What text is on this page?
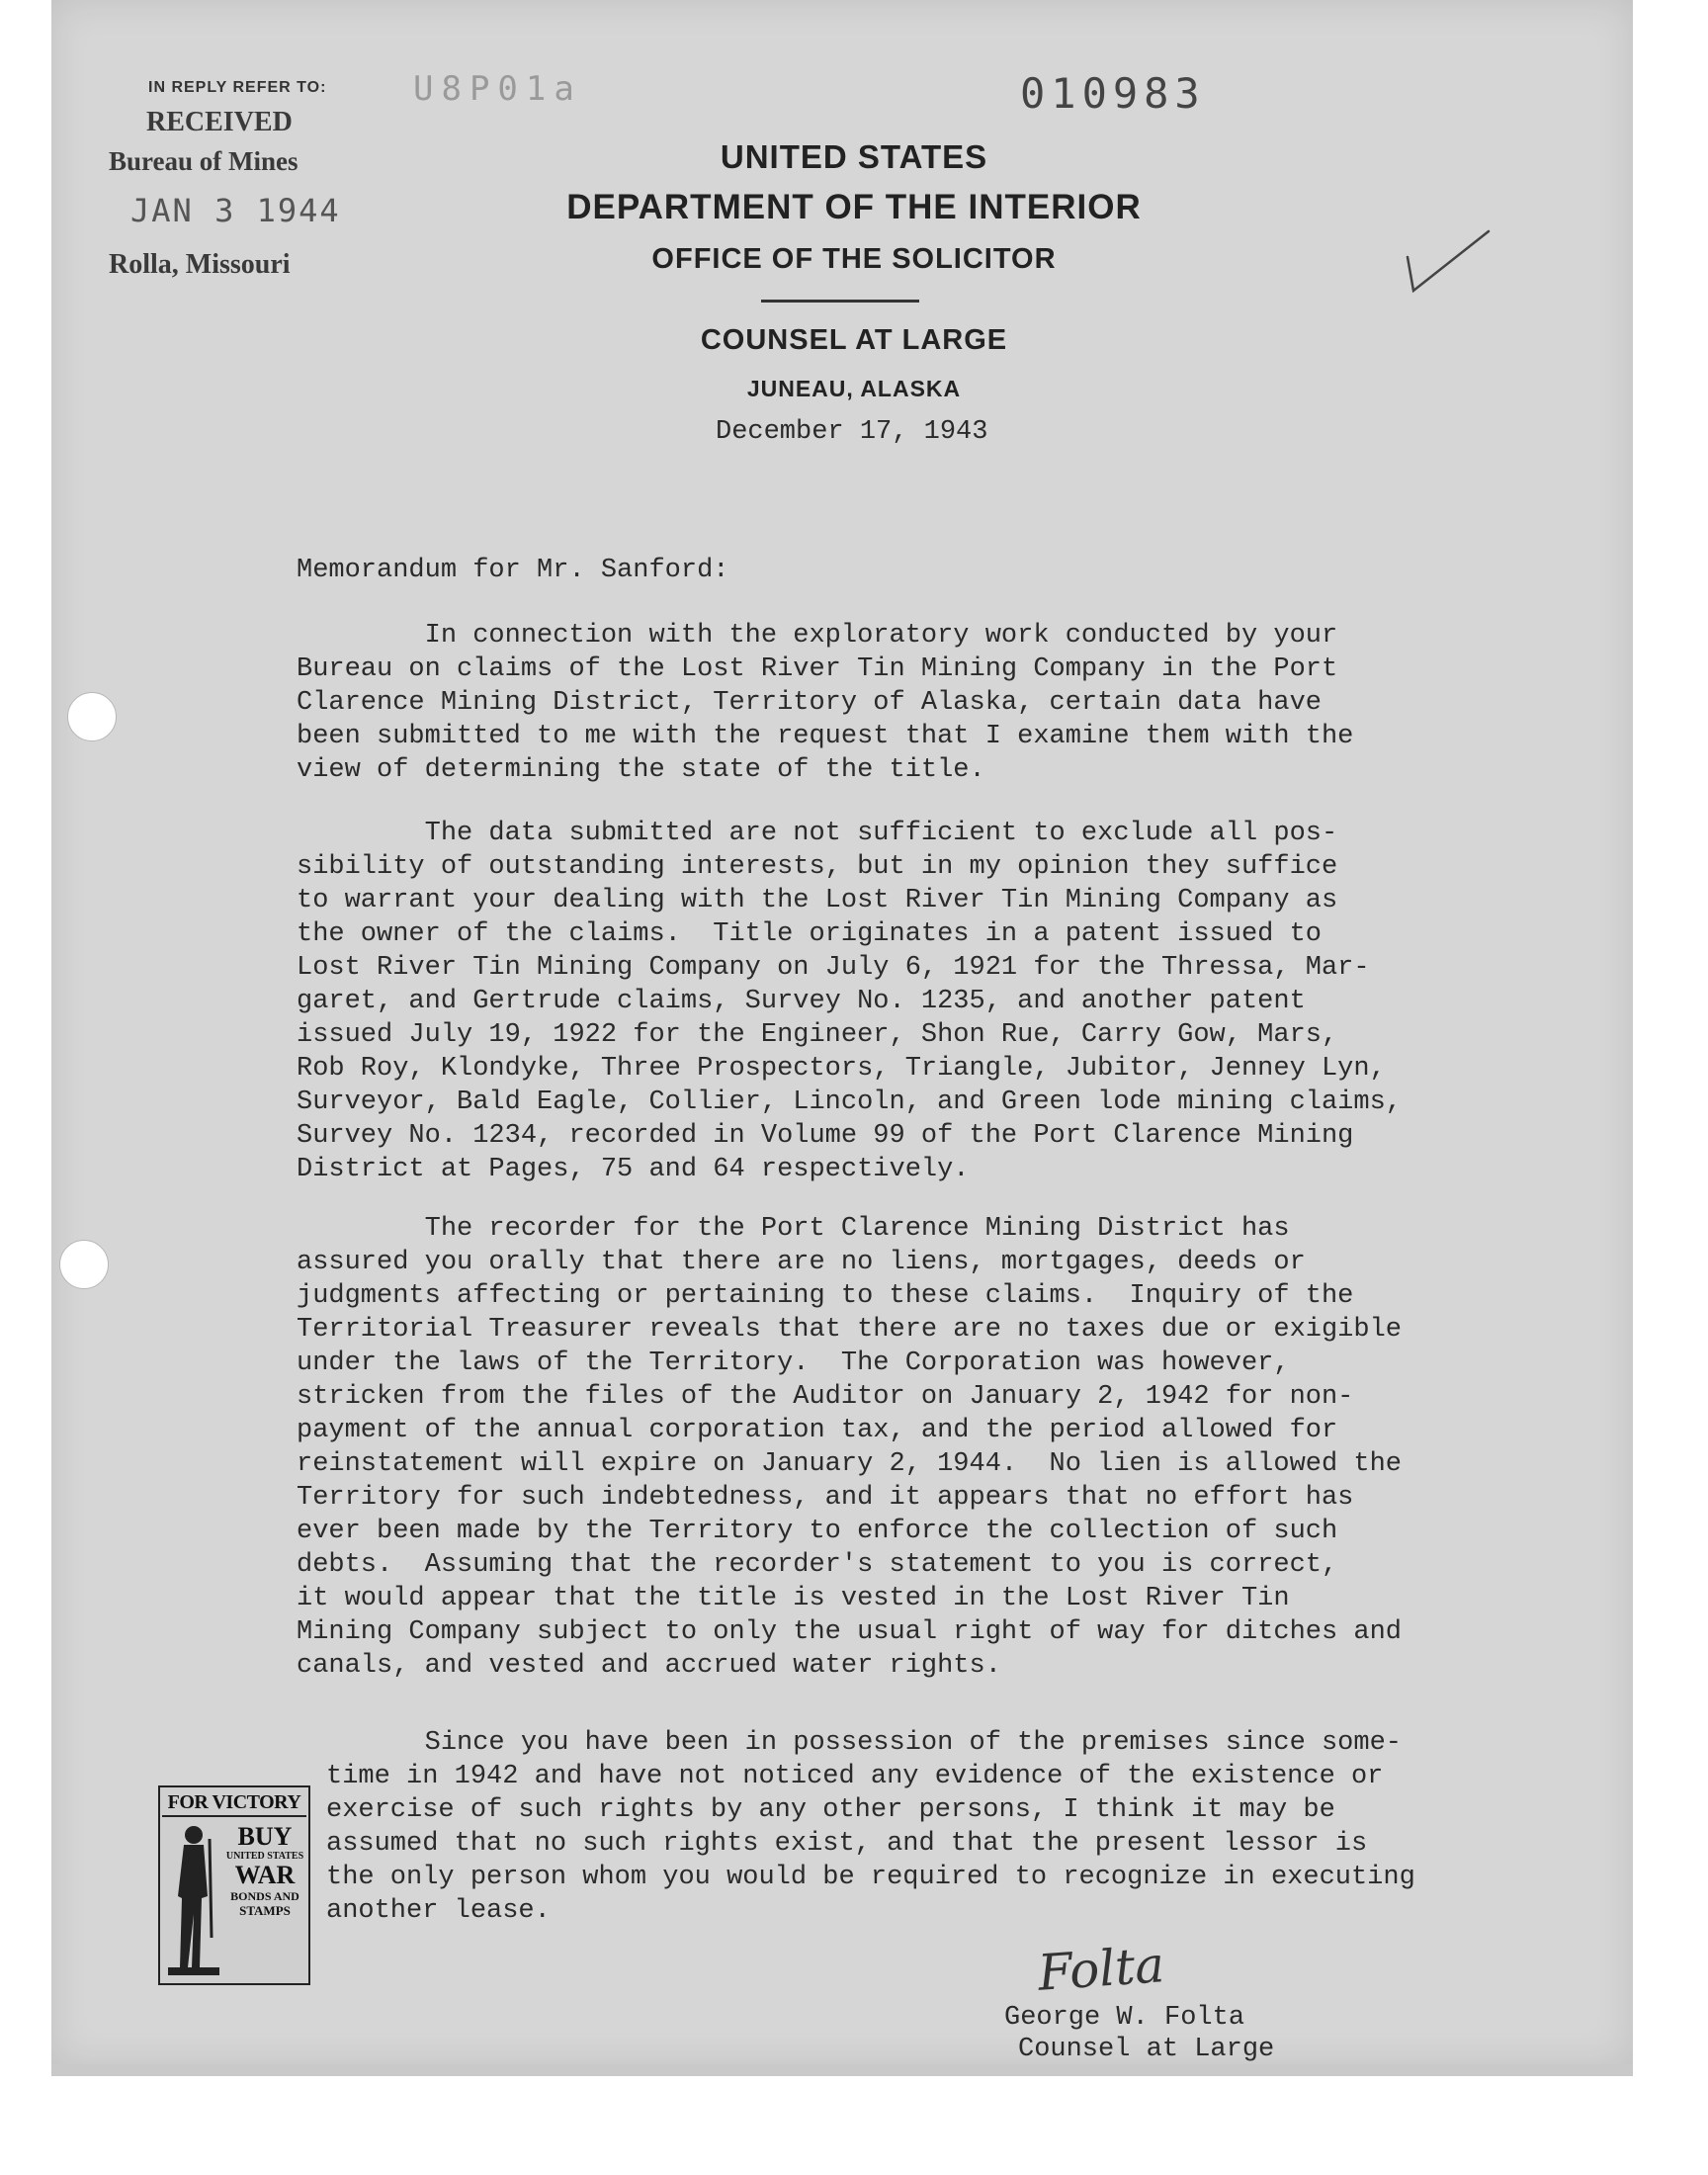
IN REPLY REFER TO:
RECEIVED
Bureau of Mines
JAN 3 1944
Rolla, Missouri
U8P01a	010983
UNITED STATES
DEPARTMENT OF THE INTERIOR
OFFICE OF THE SOLICITOR
COUNSEL AT LARGE
JUNEAU, ALASKA
December 17, 1943
Memorandum for Mr. Sanford:
In connection with the exploratory work conducted by your
Bureau on claims of the Lost River Tin Mining Company in the Port
Clarence Mining District, Territory of Alaska, certain data have
been submitted to me with the request that I examine them with the
view of determining the state of the title.
The data submitted are not sufficient to exclude all pos-
sibility of outstanding interests, but in my opinion they suffice
to warrant your dealing with the Lost River Tin Mining Company as
the owner of the claims.  Title originates in a patent issued to
Lost River Tin Mining Company on July 6, 1921 for the Thressa, Mar-
garet, and Gertrude claims, Survey No. 1235, and another patent
issued July 19, 1922 for the Engineer, Shon Rue, Carry Gow, Mars,
Rob Roy, Klondyke, Three Prospectors, Triangle, Jubitor, Jenney Lyn,
Surveyor, Bald Eagle, Collier, Lincoln, and Green lode mining claims,
Survey No. 1234, recorded in Volume 99 of the Port Clarence Mining
District at Pages, 75 and 64 respectively.
The recorder for the Port Clarence Mining District has
assured you orally that there are no liens, mortgages, deeds or
judgments affecting or pertaining to these claims.  Inquiry of the
Territorial Treasurer reveals that there are no taxes due or exigible
under the laws of the Territory.  The Corporation was however,
stricken from the files of the Auditor on January 2, 1942 for non-
payment of the annual corporation tax, and the period allowed for
reinstatement will expire on January 2, 1944.  No lien is allowed the
Territory for such indebtedness, and it appears that no effort has
ever been made by the Territory to enforce the collection of such
debts.  Assuming that the recorder's statement to you is correct,
it would appear that the title is vested in the Lost River Tin
Mining Company subject to only the usual right of way for ditches and
canals, and vested and accrued water rights.
Since you have been in possession of the premises since some-
time in 1942 and have not noticed any evidence of the existence or
exercise of such rights by any other persons, I think it may be
assumed that no such rights exist, and that the present lessor is
the only person whom you would be required to recognize in executing
another lease.
FOR VICTORY
BUY
UNITED STATES
WAR
BONDS AND
STAMPS
Folta
George W. Folta
Counsel at Large
